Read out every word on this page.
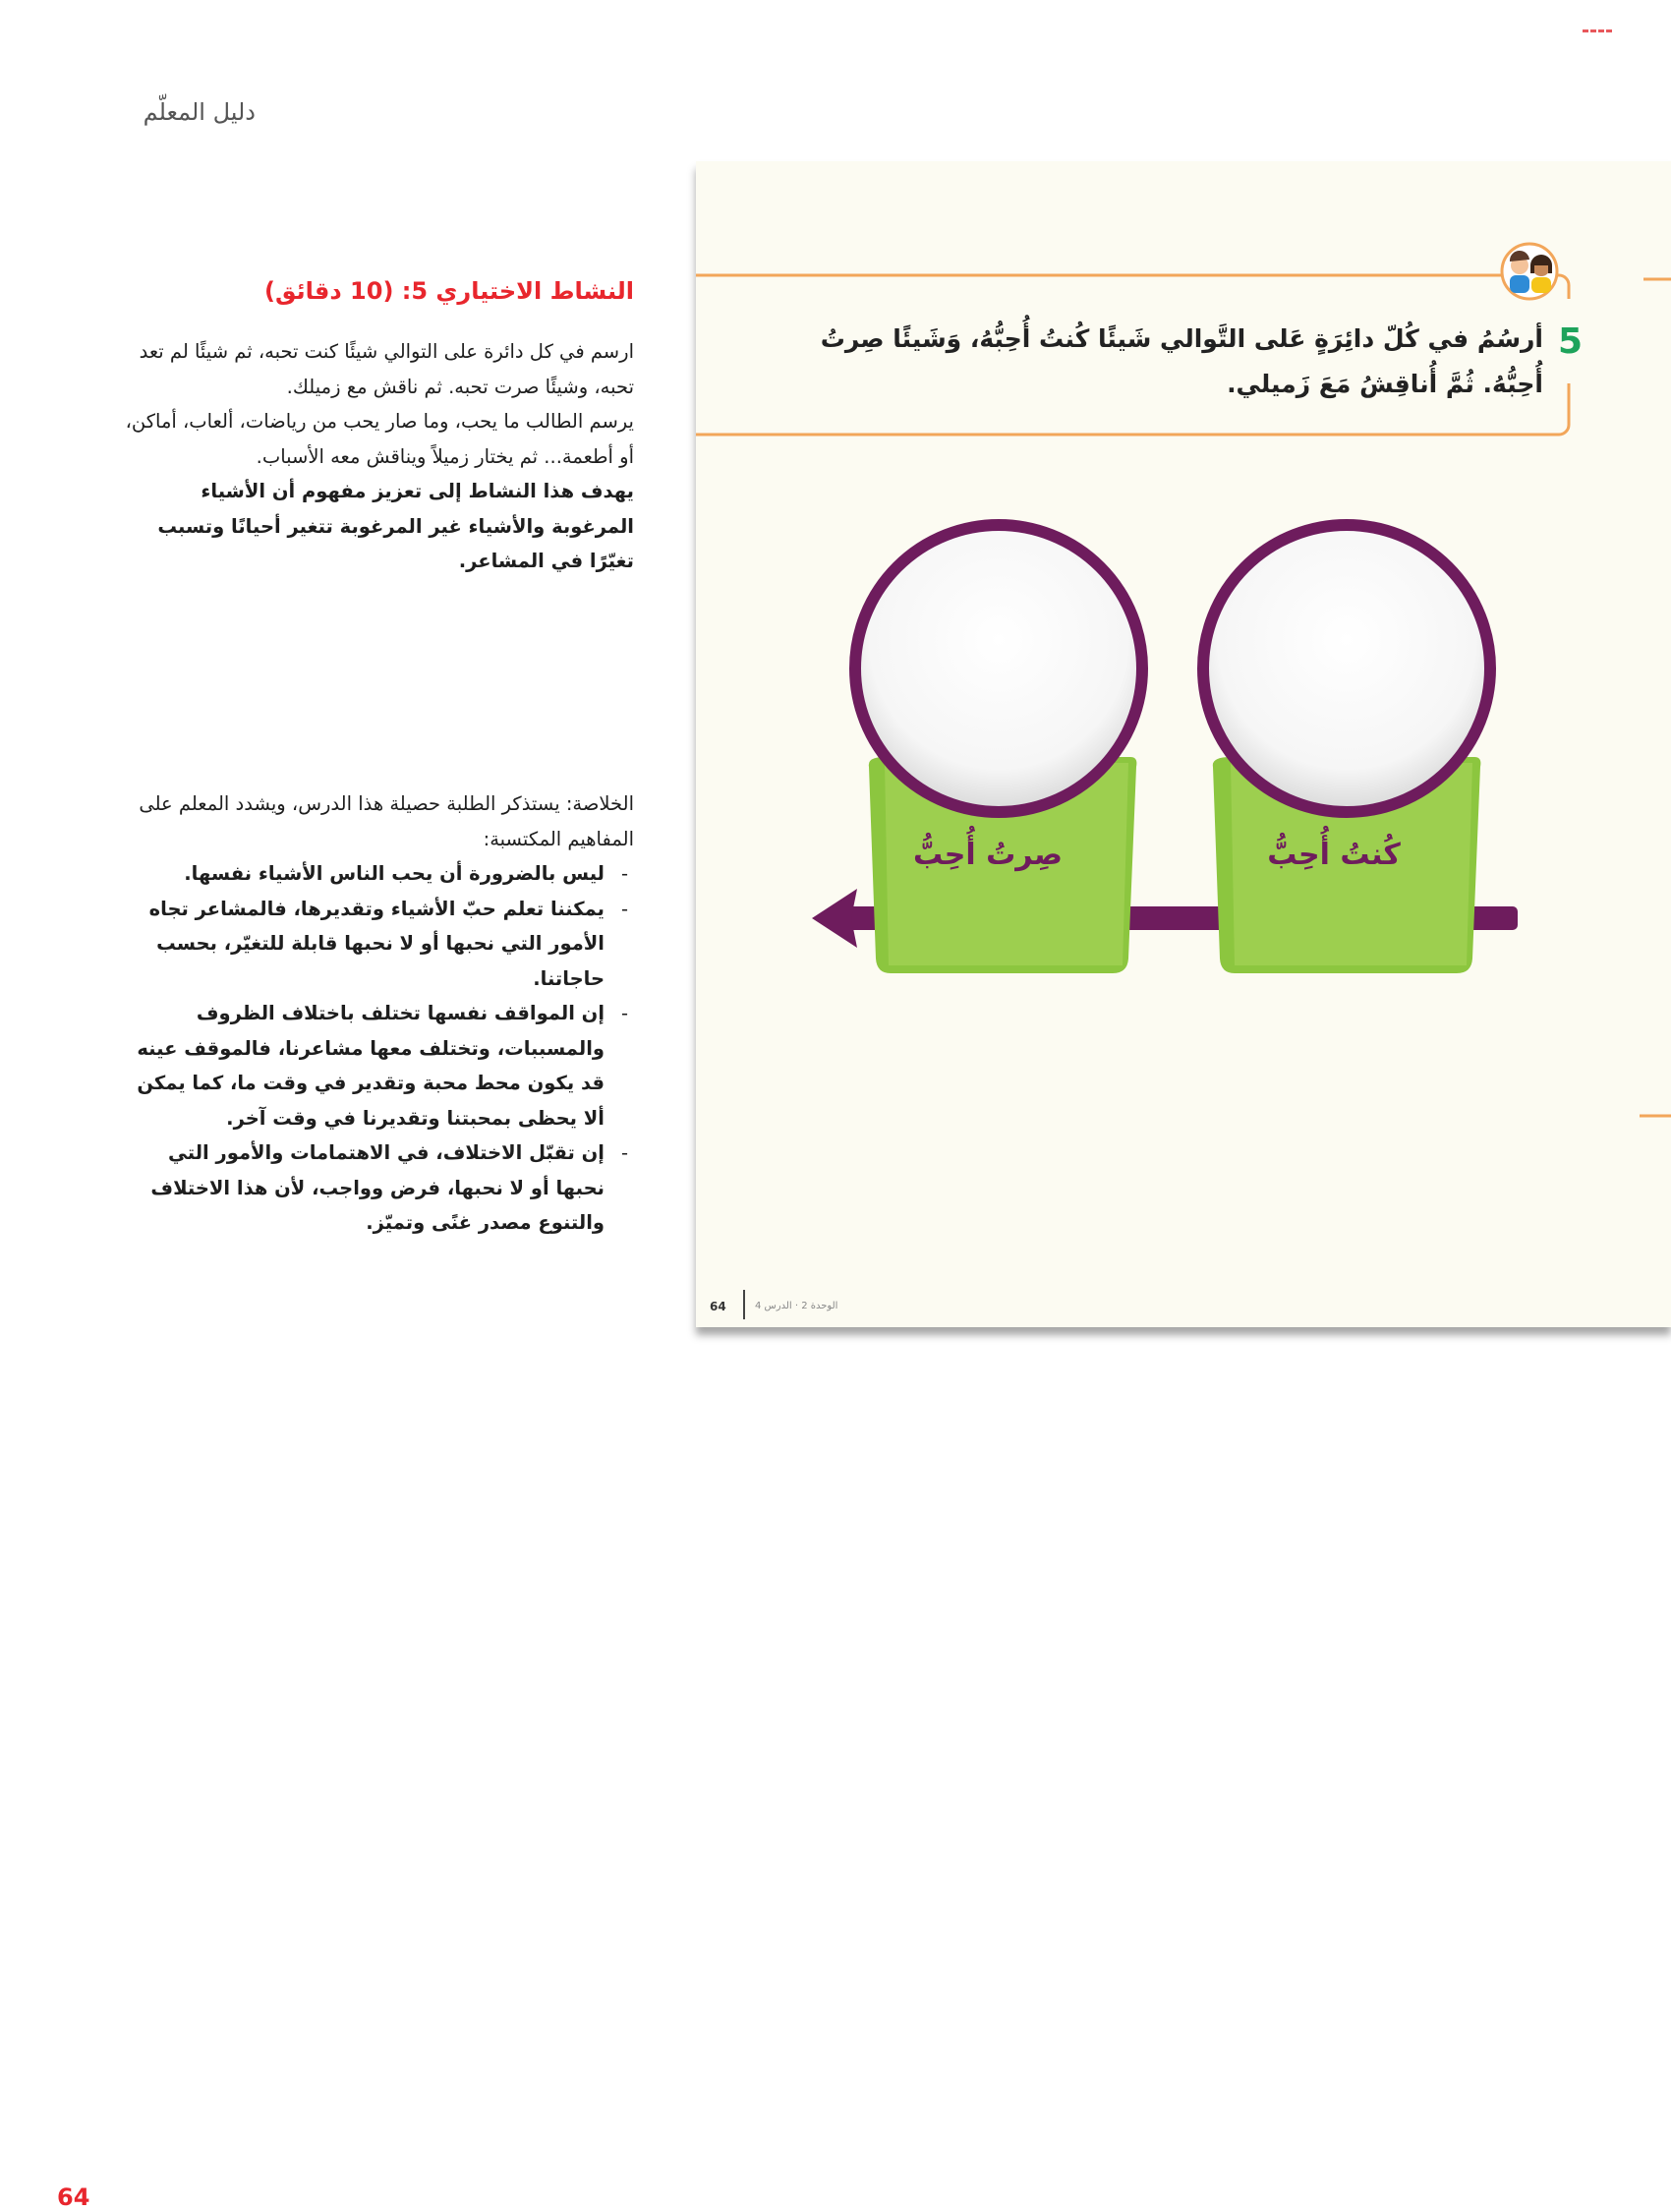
دليل المعلّم
النشاط الاختياري 5: (10 دقائق)

ارسم في كل دائرة على التوالي شيئًا كنت تحبه، ثم شيئًا لم تعد تحبه، وشيئًا صرت تحبه. ثم ناقش مع زميلك.

يرسم الطالب ما يحب، وما صار يحب من رياضات، ألعاب، أماكن، أو أطعمة... ثم يختار زميلاً ويناقش معه الأسباب.

يهدف هذا النشاط إلى تعزيز مفهوم أن الأشياء المرغوبة والأشياء غير المرغوبة تتغير أحيانًا وتسبب تغيّرًا في المشاعر.

الخلاصة: يستذكر الطلبة حصيلة هذا الدرس، ويشدد المعلم على المفاهيم المكتسبة:

- ليس بالضرورة أن يحب الناس الأشياء نفسها.
- يمكننا تعلم حبّ الأشياء وتقديرها، فالمشاعر تجاه الأمور التي نحبها أو لا نحبها قابلة للتغيّر، بحسب حاجاتنا.
- إن المواقف نفسها تختلف باختلاف الظروف والمسببات، وتختلف معها مشاعرنا، فالموقف عينه قد يكون محط محبة وتقدير في وقت ما، كما يمكن ألا يحظى بمحبتنا وتقديرنا في وقت آخر.
- إن تقبّل الاختلاف، في الاهتمامات والأمور التي نحبها أو لا نحبها، فرض وواجب، لأن هذا الاختلاف والتنوع مصدر غنًى وتميّز.
5
أرسُمُ في كُلّ دائِرَةٍ عَلى التَّوالي شَيئًا كُنتُ أُحِبُّهُ، وَشَيئًا صِرتُ أُحِبُّهُ. ثُمَّ أُناقِشُ مَعَ زَميلي.
صِرتُ أُحِبُّ	كُنتُ أُحِبُّ
64	الوحدة 2 · الدرس 4
64
